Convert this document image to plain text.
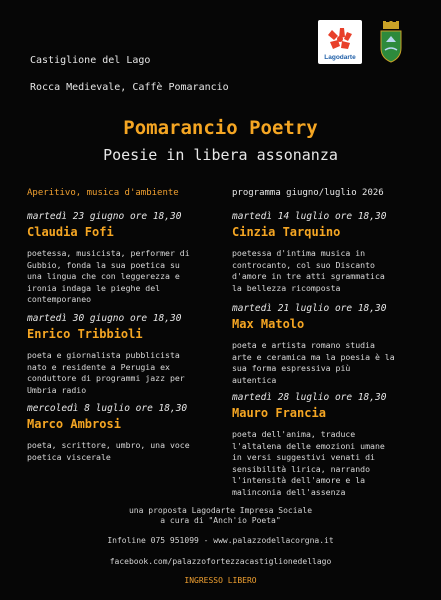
Castiglione del Lago
Rocca Medievale, Caffè Pomarancio
Lagodarte
Pomarancio Poetry
Poesie in libera assonanza
Aperitivo, musica d'ambiente	programma giugno/luglio 2026
martedì 23 giugno ore 18,30
Claudia Fofi
poetessa, musicista, performer di
Gubbio, fonda la sua poetica su
una lingua che con leggerezza e
ironia indaga le pieghe del
contemporaneo
martedì 30 giugno ore 18,30
Enrico Tribbioli
poeta e giornalista pubblicista
nato e residente a Perugia ex
conduttore di programmi jazz per
Umbria radio
mercoledì 8 luglio ore 18,30
Marco Ambrosi
poeta, scrittore, umbro, una voce
poetica viscerale
martedì 14 luglio ore 18,30
Cinzia Tarquino
poetessa d'intima musica in
controcanto, col suo Discanto
d'amore in tre atti sgrammatica
la bellezza ricomposta
martedì 21 luglio ore 18,30
Max Matolo
poeta e artista romano studia
arte e ceramica ma la poesia è la
sua forma espressiva più
autentica
martedì 28 luglio ore 18,30
Mauro Francia
poeta dell'anima, traduce
l'altalena delle emozioni umane
in versi suggestivi venati di
sensibilità lirica, narrando
l'intensità dell'amore e la
malinconia dell'assenza
una proposta Lagodarte Impresa Sociale
a cura di "Anch'io Poeta"
Infoline 075 951099 - www.palazzodellacorgna.it
facebook.com/palazzofortezzacastiglionedellago
INGRESSO LIBERO
